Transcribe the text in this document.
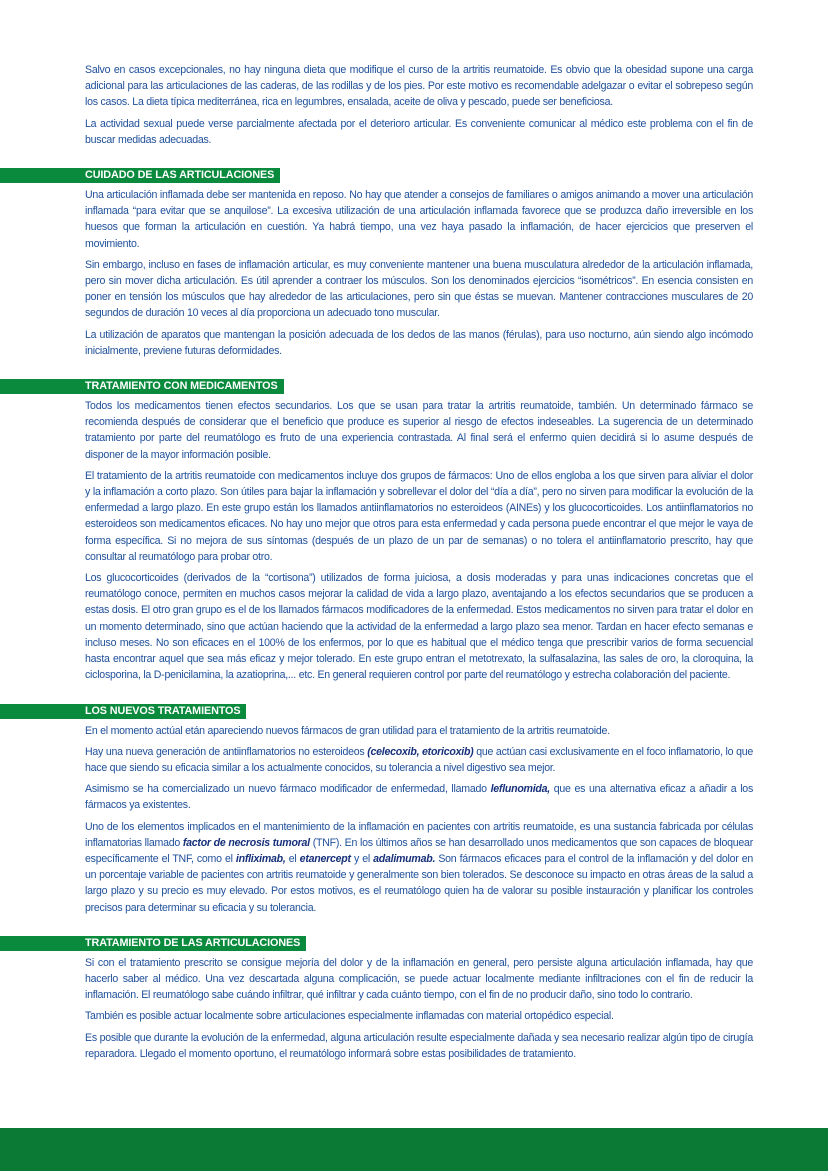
Salvo en casos excepcionales, no hay ninguna dieta que modifique el curso de la artritis reumatoide. Es obvio que la obesidad supone una carga adicional para las articulaciones de las caderas, de las rodillas y de los pies. Por este motivo es recomendable adelgazar o evitar el sobrepeso según los casos. La dieta típica mediterránea, rica en legumbres, ensalada, aceite de oliva y pescado, puede ser beneficiosa.

La actividad sexual puede verse parcialmente afectada por el deterioro articular. Es conveniente comunicar al médico este problema con el fin de buscar medidas adecuadas.

CUIDADO DE LAS ARTICULACIONES

Una articulación inflamada debe ser mantenida en reposo. No hay que atender a consejos de familiares o amigos animando a mover una articulación inflamada “para evitar que se anquilose”. La excesiva utilización de una articulación inflamada favorece que se produzca daño irreversible en los huesos que forman la articulación en cuestión. Ya habrá tiempo, una vez haya pasado la inflamación, de hacer ejercicios que preserven el movimiento.

Sin embargo, incluso en fases de inflamación articular, es muy conveniente mantener una buena musculatura alrededor de la articulación inflamada, pero sin mover dicha articulación. Es útil aprender a contraer los músculos. Son los denominados ejercicios “isométricos”. En esencia consisten en poner en tensión los músculos que hay alrededor de las articulaciones, pero sin que éstas se muevan. Mantener contracciones musculares de 20 segundos de duración 10 veces al día proporciona un adecuado tono muscular.

La utilización de aparatos que mantengan la posición adecuada de los dedos de las manos (férulas), para uso nocturno, aún siendo algo incómodo inicialmente, previene futuras deformidades.

TRATAMIENTO CON MEDICAMENTOS

Todos los medicamentos tienen efectos secundarios. Los que se usan para tratar la artritis reumatoide, también. Un determinado fármaco se recomienda después de considerar que el beneficio que produce es superior al riesgo de efectos indeseables. La sugerencia de un determinado tratamiento por parte del reumatólogo es fruto de una experiencia contrastada. Al final será el enfermo quien decidirá si lo asume después de disponer de la mayor información posible.

El tratamiento de la artritis reumatoide con medicamentos incluye dos grupos de fármacos: Uno de ellos engloba a los que sirven para aliviar el dolor y la inflamación a corto plazo. Son útiles para bajar la inflamación y sobrellevar el dolor del “día a día”, pero no sirven para modificar la evolución de la enfermedad a largo plazo. En este grupo están los llamados antiinflamatorios no esteroideos (AINEs) y los glucocorticoides. Los antiinflamatorios no esteroideos son medicamentos eficaces. No hay uno mejor que otros para esta enfermedad y cada persona puede encontrar el que mejor le vaya de forma específica. Si no mejora de sus síntomas (después de un plazo de un par de semanas) o no tolera el antiinflamatorio prescrito, hay que consultar al reumatólogo para probar otro.

Los glucocorticoides (derivados de la “cortisona”) utilizados de forma juiciosa, a dosis moderadas y para unas indicaciones concretas que el reumatólogo conoce, permiten en muchos casos mejorar la calidad de vida a largo plazo, aventajando a los efectos secundarios que se producen a estas dosis. El otro gran grupo es el de los llamados fármacos modificadores de la enfermedad. Estos medicamentos no sirven para tratar el dolor en un momento determinado, sino que actúan haciendo que la actividad de la enfermedad a largo plazo sea menor. Tardan en hacer efecto semanas e incluso meses. No son eficaces en el 100% de los enfermos, por lo que es habitual que el médico tenga que prescribir varios de forma secuencial hasta encontrar aquel que sea más eficaz y mejor tolerado. En este grupo entran el metotrexato, la sulfasalazina, las sales de oro, la cloroquina, la ciclosporina, la D-penicilamina, la azatioprina,... etc. En general requieren control por parte del reumatólogo y estrecha colaboración del paciente.

LOS NUEVOS TRATAMIENTOS

En el momento actúal etán apareciendo nuevos fármacos de gran utilidad para el tratamiento de la artritis reumatoide.

Hay una nueva generación de antiinflamatorios no esteroideos (celecoxib, etoricoxib) que actúan casi exclusivamente en el foco inflamatorio, lo que hace que siendo su eficacia similar a los actualmente conocidos, su tolerancia a nivel digestivo sea mejor.

Asimismo se ha comercializado un nuevo fármaco modificador de enfermedad, llamado leflunomida, que es una alternativa eficaz a añadir a los fármacos ya existentes.

Uno de los elementos implicados en el mantenimiento de la inflamación en pacientes con artritis reumatoide, es una sustancia fabricada por células inflamatorias llamado factor de necrosis tumoral (TNF). En los últimos años se han desarrollado unos medicamentos que son capaces de bloquear específicamente el TNF, como el infliximab, el etanercept y el adalimumab. Son fármacos eficaces para el control de la inflamación y del dolor en un porcentaje variable de pacientes con artritis reumatoide y generalmente son bien tolerados. Se desconoce su impacto en otras áreas de la salud a largo plazo y su precio es muy elevado. Por estos motivos, es el reumatólogo quien ha de valorar su posible instauración y planificar los controles precisos para determinar su eficacia y su tolerancia.

TRATAMIENTO DE LAS ARTICULACIONES

Si con el tratamiento prescrito se consigue mejoría del dolor y de la inflamación en general, pero persiste alguna articulación inflamada, hay que hacerlo saber al médico. Una vez descartada alguna complicación, se puede actuar localmente mediante infiltraciones con el fin de reducir la inflamación. El reumatólogo sabe cuándo infiltrar, qué infiltrar y cada cuánto tiempo, con el fin de no producir daño, sino todo lo contrario.

También es posible actuar localmente sobre articulaciones especialmente inflamadas con material ortopédico especial.

Es posible que durante la evolución de la enfermedad, alguna articulación resulte especialmente dañada y sea necesario realizar algún tipo de cirugía reparadora. Llegado el momento oportuno, el reumatólogo informará sobre estas posibilidades de tratamiento.
